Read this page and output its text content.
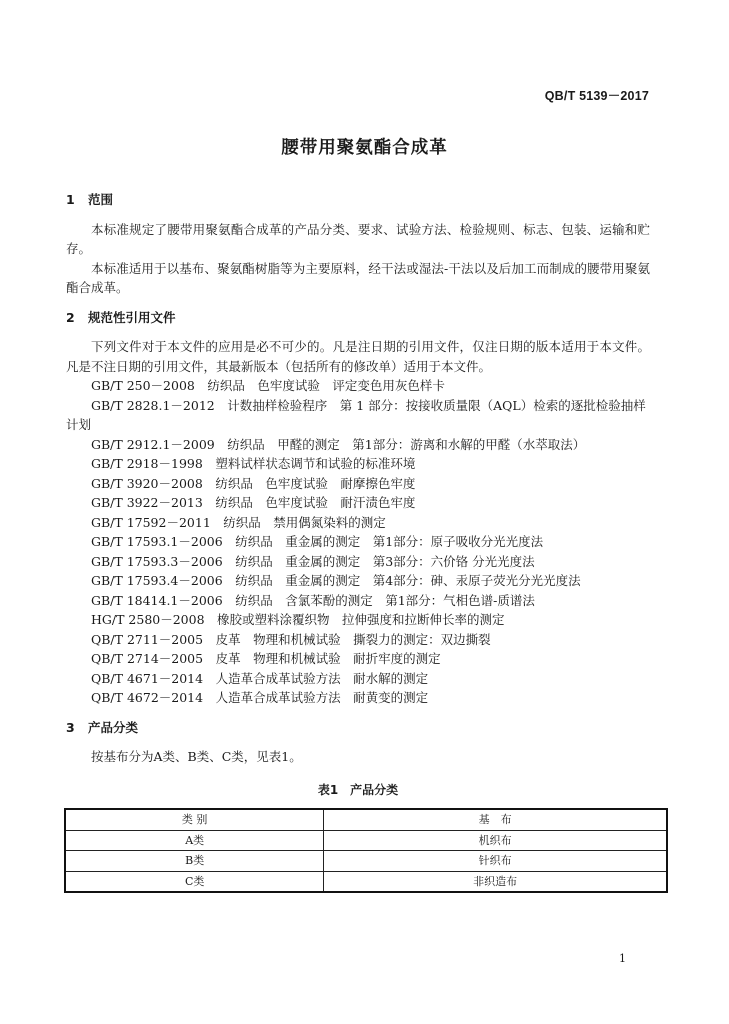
QB/T 5139－2017
腰带用聚氨酯合成革
1 范围

本标准规定了腰带用聚氨酯合成革的产品分类、要求、试验方法、检验规则、标志、包装、运输和贮存。

本标准适用于以基布、聚氨酯树脂等为主要原料，经干法或湿法-干法以及后加工而制成的腰带用聚氨酯合成革。

2 规范性引用文件

下列文件对于本文件的应用是必不可少的。凡是注日期的引用文件，仅注日期的版本适用于本文件。凡是不注日期的引用文件，其最新版本（包括所有的修改单）适用于本文件。

GB/T 250－2008　纺织品　色牢度试验　评定变色用灰色样卡
GB/T 2828.1－2012　计数抽样检验程序　第 1 部分：按接收质量限（AQL）检索的逐批检验抽样计划
GB/T 2912.1－2009　纺织品　甲醛的测定　第1部分：游离和水解的甲醛（水萃取法）
GB/T 2918－1998　塑料试样状态调节和试验的标准环境
GB/T 3920－2008　纺织品　色牢度试验　耐摩擦色牢度
GB/T 3922－2013　纺织品　色牢度试验　耐汗渍色牢度
GB/T 17592－2011　纺织品　禁用偶氮染料的测定
GB/T 17593.1－2006　纺织品　重金属的测定　第1部分：原子吸收分光光度法
GB/T 17593.3－2006　纺织品　重金属的测定　第3部分：六价铬 分光光度法
GB/T 17593.4－2006　纺织品　重金属的测定　第4部分：砷、汞原子荧光分光光度法
GB/T 18414.1－2006　纺织品　含氯苯酚的测定　第1部分：气相色谱-质谱法
HG/T 2580－2008　橡胶或塑料涂覆织物　拉伸强度和拉断伸长率的测定
QB/T 2711－2005　皮革　物理和机械试验　撕裂力的测定：双边撕裂
QB/T 2714－2005　皮革　物理和机械试验　耐折牢度的测定
QB/T 4671－2014　人造革合成革试验方法　耐水解的测定
QB/T 4672－2014　人造革合成革试验方法　耐黄变的测定
3 产品分类

按基布分为A类、B类、C类，见表1。

表1　产品分类
类 别	基　布
A类	机织布
B类	针织布
C类	非织造布
1
